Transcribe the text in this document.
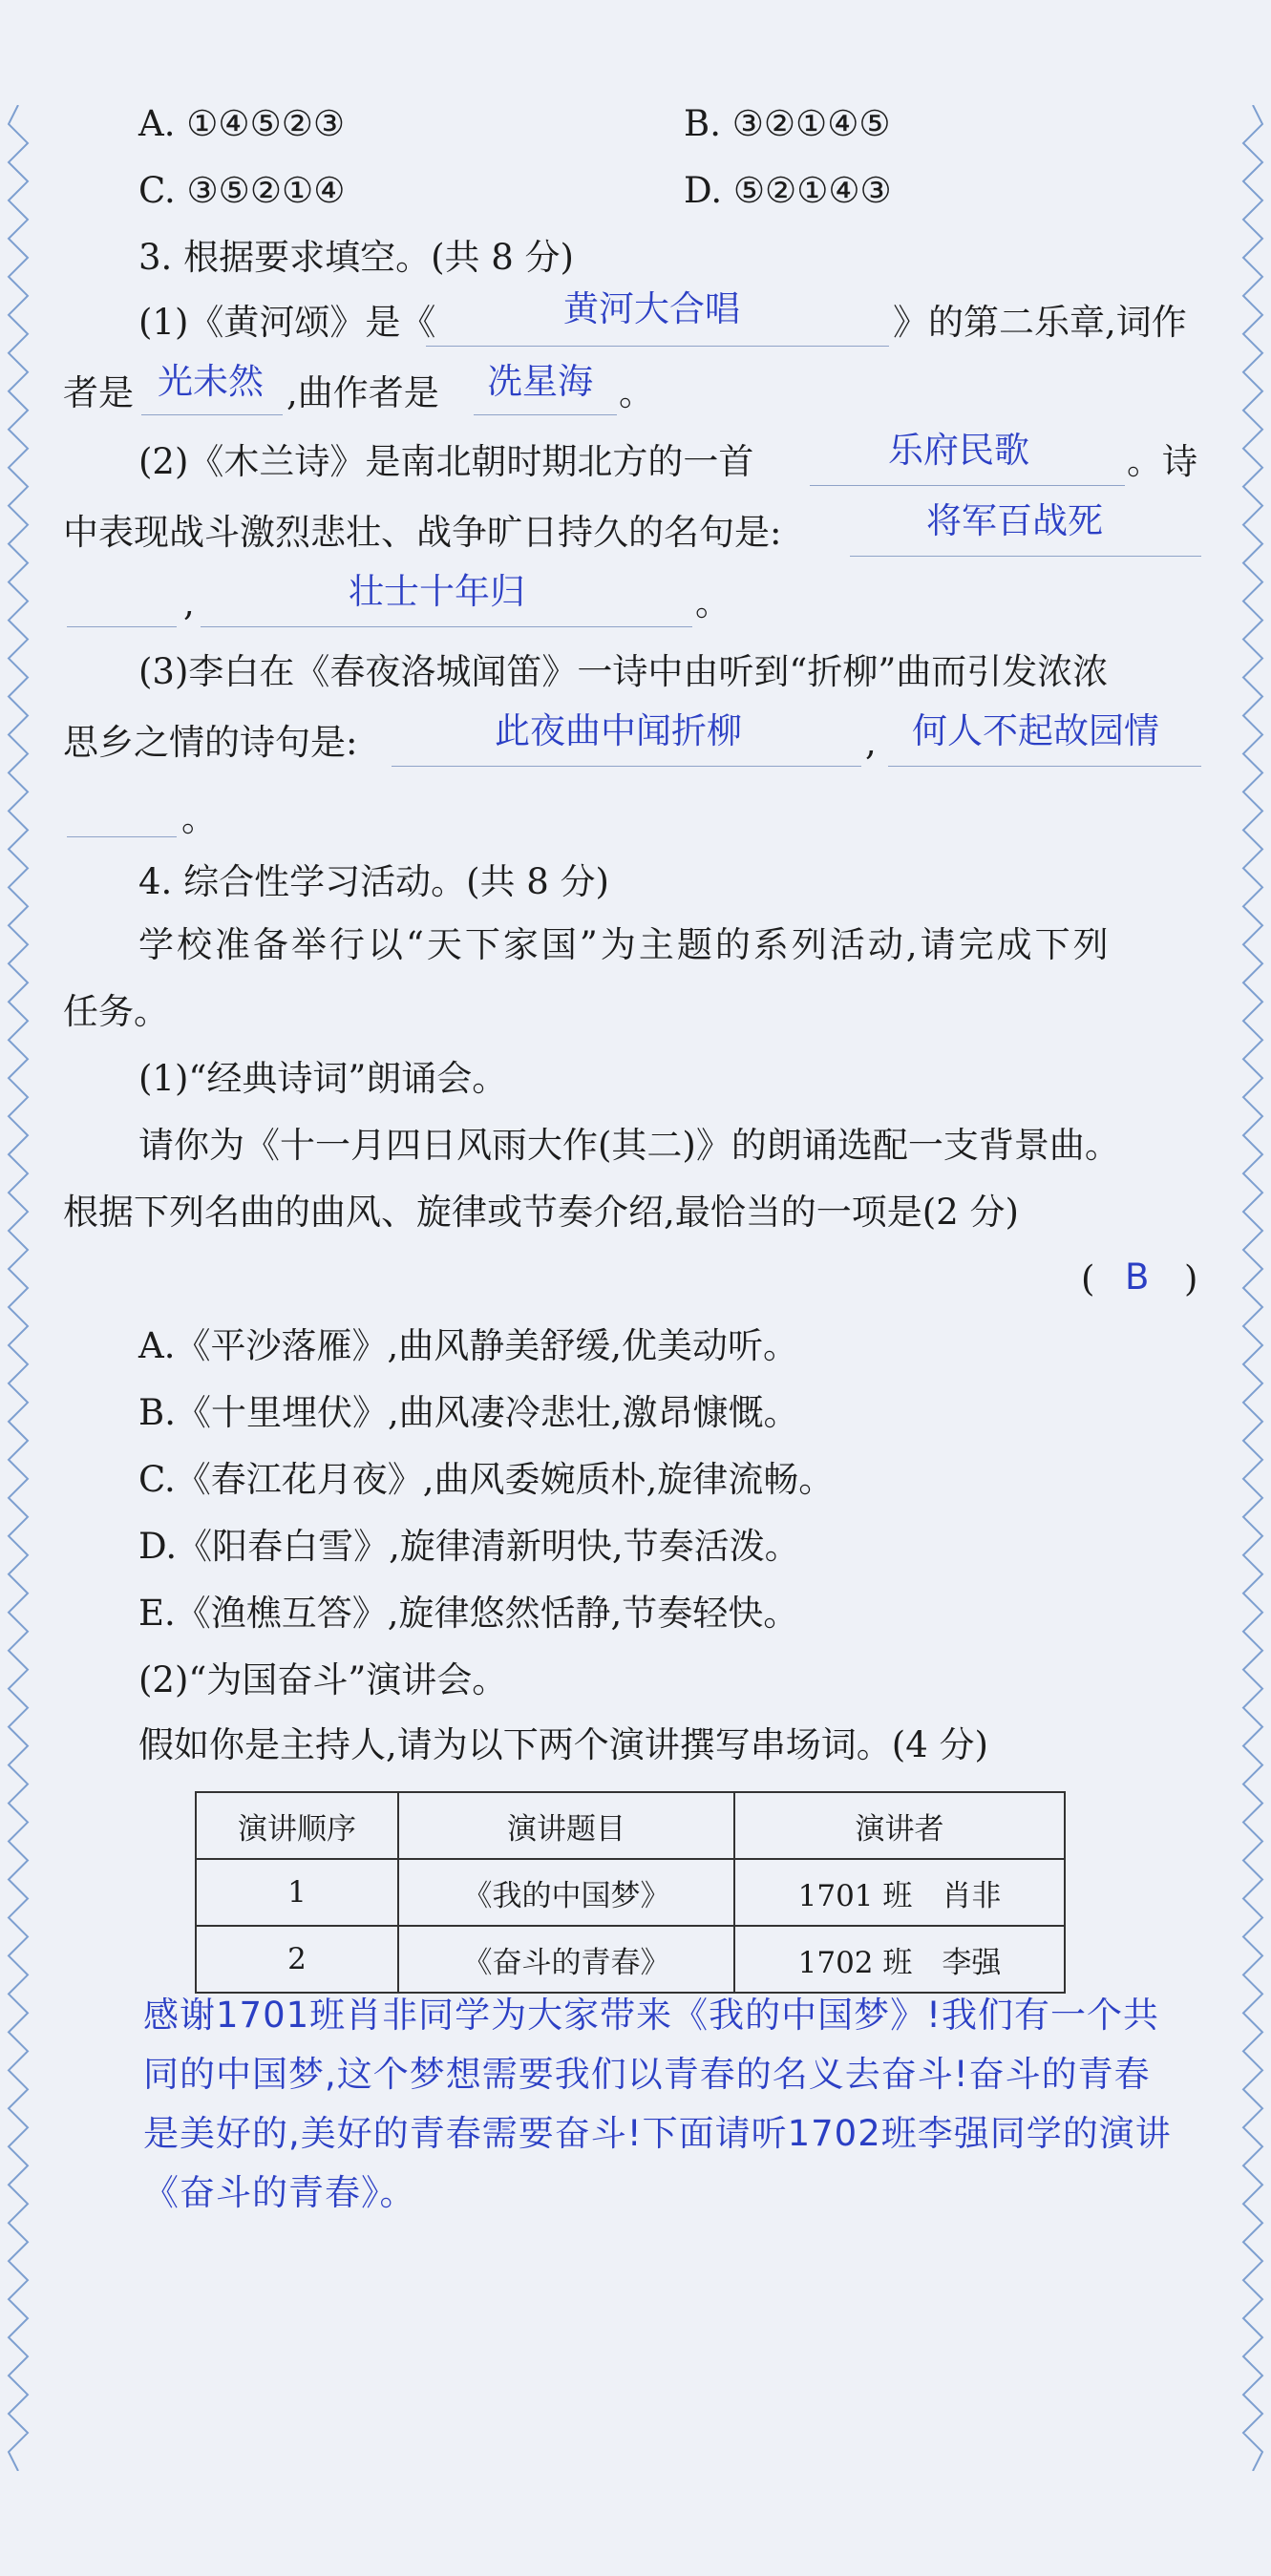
A. ①④⑤②③	B. ③②①④⑤
C. ③⑤②①④	D. ⑤②①④③
3. 根据要求填空。(共 8 分)
(1)《黄河颂》是《	黄河大合唱	》的第二乐章,词作
者是 光未然 ,曲作者是 冼星海 。
(2)《木兰诗》是南北朝时期北方的一首	乐府民歌	。诗
中表现战斗激烈悲壮、战争旷日持久的名句是:	将军百战死
,	壮士十年归	。
(3)李白在《春夜洛城闻笛》一诗中由听到“折柳”曲而引发浓浓
思乡之情的诗句是:	此夜曲中闻折柳	, 何人不起故园情
。
4. 综合性学习活动。(共 8 分)
学校准备举行以“天下家国”为主题的系列活动,请完成下列
任务。
(1)“经典诗词”朗诵会。
请你为《十一月四日风雨大作(其二)》的朗诵选配一支背景曲。
根据下列名曲的曲风、旋律或节奏介绍,最恰当的一项是(2 分)
( B )
A.《平沙落雁》,曲风静美舒缓,优美动听。
B.《十里埋伏》,曲风凄冷悲壮,激昂慷慨。
C.《春江花月夜》,曲风委婉质朴,旋律流畅。
D.《阳春白雪》,旋律清新明快,节奏活泼。
E.《渔樵互答》,旋律悠然恬静,节奏轻快。
(2)“为国奋斗”演讲会。
假如你是主持人,请为以下两个演讲撰写串场词。(4 分)
演讲顺序	演讲题目	演讲者
1	《我的中国梦》	1701 班　肖非
2	《奋斗的青春》	1702 班　李强
感谢1701班肖非同学为大家带来《我的中国梦》!我们有一个共同的中国梦,这个梦想需要我们以青春的名义去奋斗!奋斗的青春是美好的,美好的青春需要奋斗!下面请听1702班李强同学的演讲《奋斗的青春》。
